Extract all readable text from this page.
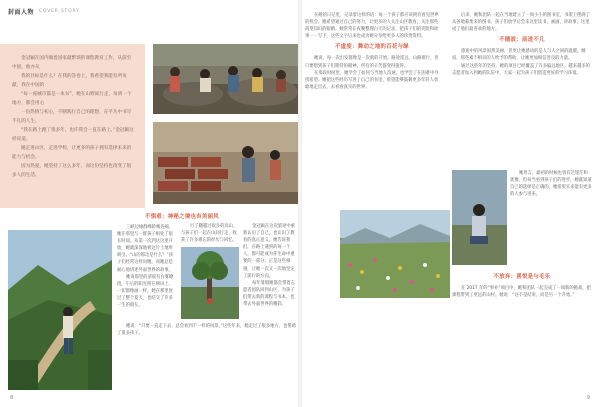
封面人物 COVER STORY

金冠颖在国内做着国家最繁琐的课程教育工作，从前至中国，他亦从

我的目标是什么？在我的答卷上，我希望我能有所贡献，我在中国的

“每一座城市都是一本书”，她在山野间行走，每到一个地方，都会用心

一份热情与初心，不断践行自己的理想，在平凡中书写不凡的人生。

“我在路上跑了很多年，也许我会一直在路上。”金冠颖这样说道。

她走进山区，走进学校，让更多的孩子拥有选择未来的能力与机会。

因为热爱，她坚持了这么多年，而这份坚持也改变了很多人的生活。

不惧艰：神秘之境也有美丽风

三峡边缘群峰险峻连绵，她在那里与一群孩子相处了很长时间。从第一次到达这里开始，她就深深地被这片土地所吸引。“山的那边是什么？”孩子们经常这样问她，而她总是耐心地讲述外面世界的故事。

她说那里的清晨有白雾缭绕，午后的阳光照在梯田上，一切都像画一样。她在那里度过了整个夏天，也结交了许多一生的朋友。

行了翻越过很多的高山，与孩子们一起在山间行走，收获了许多难忘的经历与回忆。

金冠颖在这次旅途中重新认识了自己，也认识了教育的真正意义。她告诉我们，在路上遇到的每一个人，都可能成为你生命中重要的一部分。正是这些相遇，让她一次又一次地坚定了前行的方向。

每年暑假她都会带着志愿者团队回到山区，为孩子们带去新的课程与书本，也带去外面世界的精彩。

她说：“只要一直走下去，总会看到不一样的风景。”这些年来，她走过了很多地方，也帮助了很多孩子。

8

在她的日记里，记录着这样的话：每一个孩子都应该拥有看见世界的机会。她希望通过自己的努力，让更多的人关注山区教育，关注那些渴望知识的眼睛。她常常在夜晚整理白天的记录，把孩子们的笑脸和故事一一写下，这些文字后来也成为她分享给更多人的珍贵资料。

不虚度：舞动之地的百花与绿

她说，每一次出发都像是一次新的开始。路途遥远，山路难行，但只要想到孩子们期待的眼神，所有的辛苦都变得值得。

在那段时间里，她学会了如何与当地人沟通，也学会了在困难中寻找希望。她把这些经历写进了自己的书里，希望能够鼓舞更多年轻人勇敢地走出去，去看看真实的世界。

后来，她和团队一起在当地建立了一间小小的图书室，书架上摆满了从各地募集来的图书。孩子们放学后会来这里读书、画画、讲故事，这里成了他们最喜欢的地方。

不随波：前进不几

旅途中的风景固然美丽，但更让她感动的是人与人之间的温暖。她说，那些素不相识的人给予的帮助，让她更加相信善良的力量。

通过这些年的坚持，她的项目已经覆盖了许多偏远地区。越来越多的志愿者加入到她的队伍中，大家一起为孩子们创造更好的学习环境。

她坦言，最初的时候也曾有过迷茫和犹豫，但每当看到孩子们的进步，她就知道自己的选择是正确的。她希望未来能有更多的人参与进来。

不放弃：喜悦是与毛乐

在 2017 年的“事业”项目中，她和团队一起完成了一项新的挑战，把课程带到了更远的山村。她说：“这不是结束，而是另一个开始。”

9
